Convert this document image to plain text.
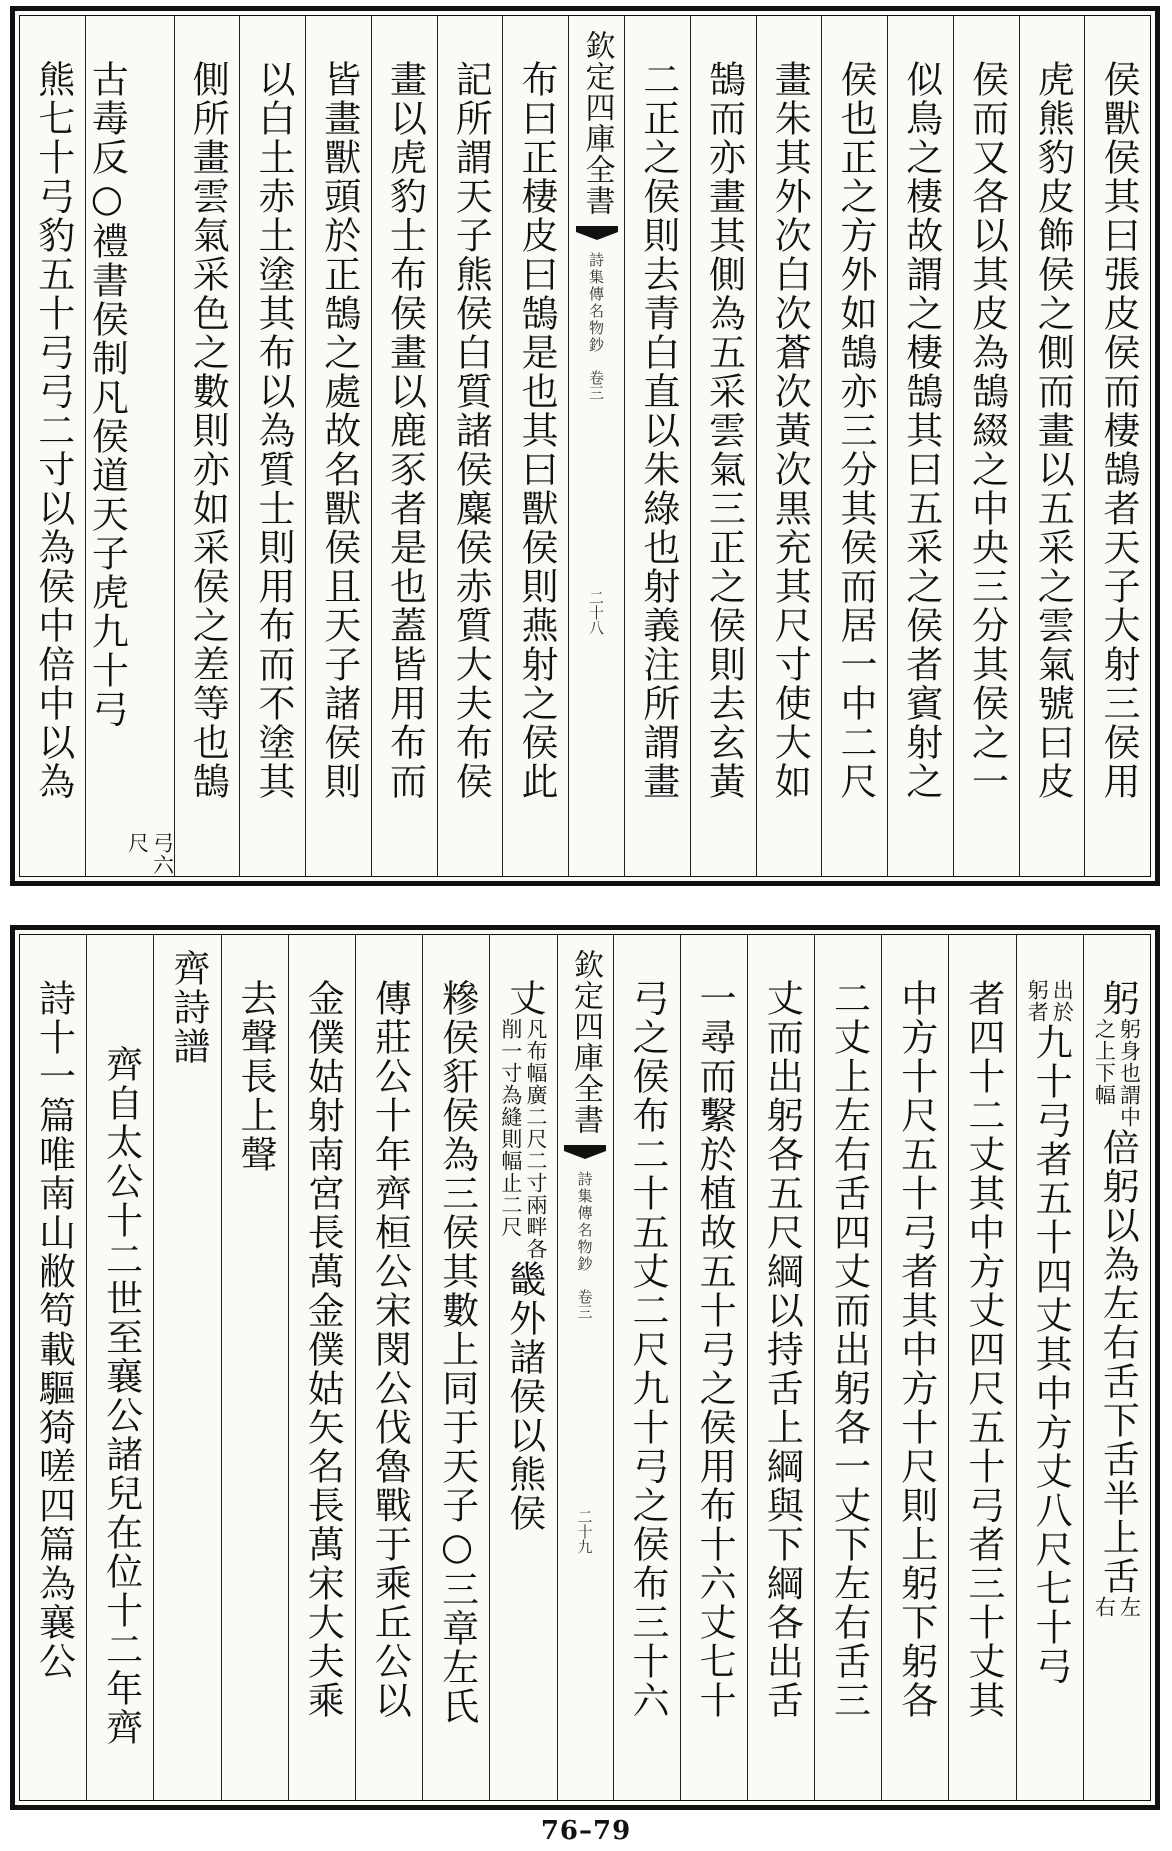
侯獸侯其曰張皮侯而棲鵠者天子大射三侯用
虎熊豹皮飾侯之側而畫以五采之雲氣號曰皮
侯而又各以其皮為鵠綴之中央三分其侯之一
似鳥之棲故謂之棲鵠其曰五采之侯者賓射之
侯也正之方外如鵠亦三分其侯而居一中二尺
畫朱其外次白次蒼次黃次黒充其尺寸使大如
鵠而亦畫其側為五采雲氣三正之侯則去玄黃
二正之侯則去青白直以朱綠也射義注所謂畫
欽定四庫全書
詩集傳名物鈔
卷三
二十八
布曰正棲皮曰鵠是也其曰獸侯則燕射之侯此
記所謂天子熊侯白質諸侯麋侯赤質大夫布侯
畫以虎豹士布侯畫以鹿豕者是也蓋皆用布而
皆畫獸頭於正鵠之處故名獸侯且天子諸侯則
以白土赤土塗其布以為質士則用布而不塗其
側所畫雲氣采色之數則亦如采侯之差等也鵠
古毒反○禮書侯制凡侯道天子虎九十弓
弓六
尺
熊七十弓豹五十弓弓二寸以為侯中倍中以為
躬
躬身也謂中
之上下幅
倍躬以為左右舌下舌半上舌
左
右
出於
躬者
九十弓者五十四丈其中方丈八尺七十弓
者四十二丈其中方丈四尺五十弓者三十丈其
中方十尺五十弓者其中方十尺則上躬下躬各
二丈上左右舌四丈而出躬各一丈下左右舌三
丈而出躬各五尺綱以持舌上綱與下綱各出舌
一尋而繫於植故五十弓之侯用布十六丈七十
弓之侯布二十五丈二尺九十弓之侯布三十六
欽定四庫全書
詩集傳名物鈔
卷三
二十九
丈
凡布幅廣二尺二寸兩畔各
削一寸為縫則幅止二尺
畿外諸侯以熊侯
糝侯豻侯為三侯其數上同于天子○三章左氏
傳莊公十年齊桓公宋閔公伐魯戰于乘丘公以
金僕姑射南宮長萬金僕姑矢名長萬宋大夫乘
去聲長上聲
齊詩譜
齊自太公十二世至襄公諸兒在位十二年齊
詩十一篇唯南山敝笱載驅猗嗟四篇為襄公
76–79
